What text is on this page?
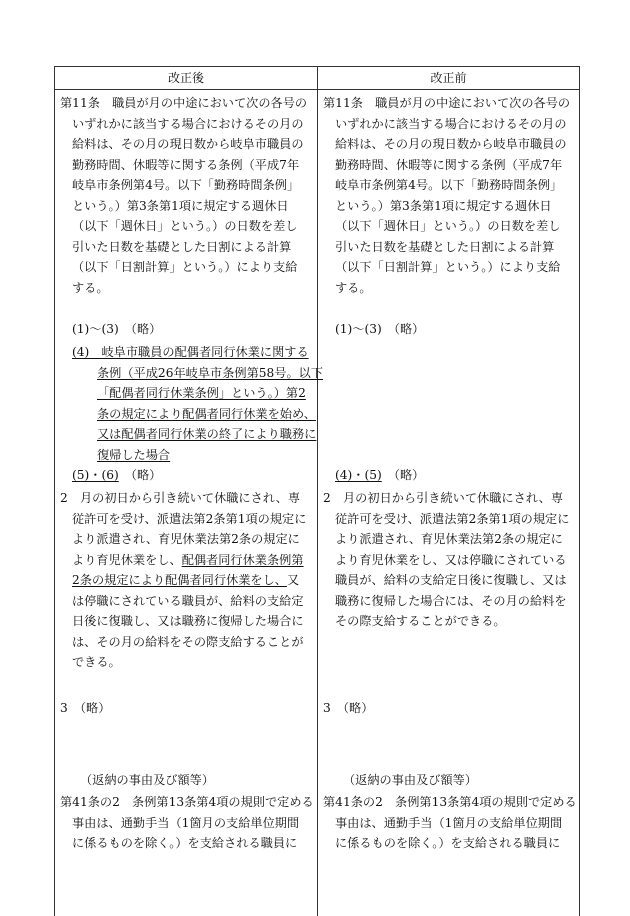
改正後	改正前

第11条　職員が月の中途において次の各号の

いずれかに該当する場合におけるその月の

給料は、その月の現日数から岐阜市職員の

勤務時間、休暇等に関する条例（平成7年

岐阜市条例第4号。以下「勤務時間条例」

という。）第3条第1項に規定する週休日

（以下「週休日」という。）の日数を差し

引いた日数を基礎とした日割による計算

（以下「日割計算」という。）により支給

する。

(1)～(3)　（略）

(4)　岐阜市職員の配偶者同行休業に関する

条例（平成26年岐阜市条例第58号。以下

「配偶者同行休業条例」という。）第2

条の規定により配偶者同行休業を始め、

又は配偶者同行休業の終了により職務に

復帰した場合

(5)・(6)　（略）

2　月の初日から引き続いて休職にされ、専

従許可を受け、派遣法第2条第1項の規定に

より派遣され、育児休業法第2条の規定に

より育児休業をし、配偶者同行休業条例第

2条の規定により配偶者同行休業をし、又

は停職にされている職員が、給料の支給定

日後に復職し、又は職務に復帰した場合に

は、その月の給料をその際支給することが

できる。

3　（略）
（返納の事由及び額等）

第41条の2　条例第13条第4項の規則で定める

事由は、通勤手当（1箇月の支給単位期間

に係るものを除く。）を支給される職員に

第11条　職員が月の中途において次の各号の

いずれかに該当する場合におけるその月の

給料は、その月の現日数から岐阜市職員の

勤務時間、休暇等に関する条例（平成7年

岐阜市条例第4号。以下「勤務時間条例」

という。）第3条第1項に規定する週休日

（以下「週休日」という。）の日数を差し

引いた日数を基礎とした日割による計算

（以下「日割計算」という。）により支給

する。

(1)～(3)　（略）

(4)・(5)　（略）

2　月の初日から引き続いて休職にされ、専

従許可を受け、派遣法第2条第1項の規定に

より派遣され、育児休業法第2条の規定に

より育児休業をし、又は停職にされている

職員が、給料の支給定日後に復職し、又は

職務に復帰した場合には、その月の給料を

その際支給することができる。

3　（略）
（返納の事由及び額等）

第41条の2　条例第13条第4項の規則で定める

事由は、通勤手当（1箇月の支給単位期間

に係るものを除く。）を支給される職員に
